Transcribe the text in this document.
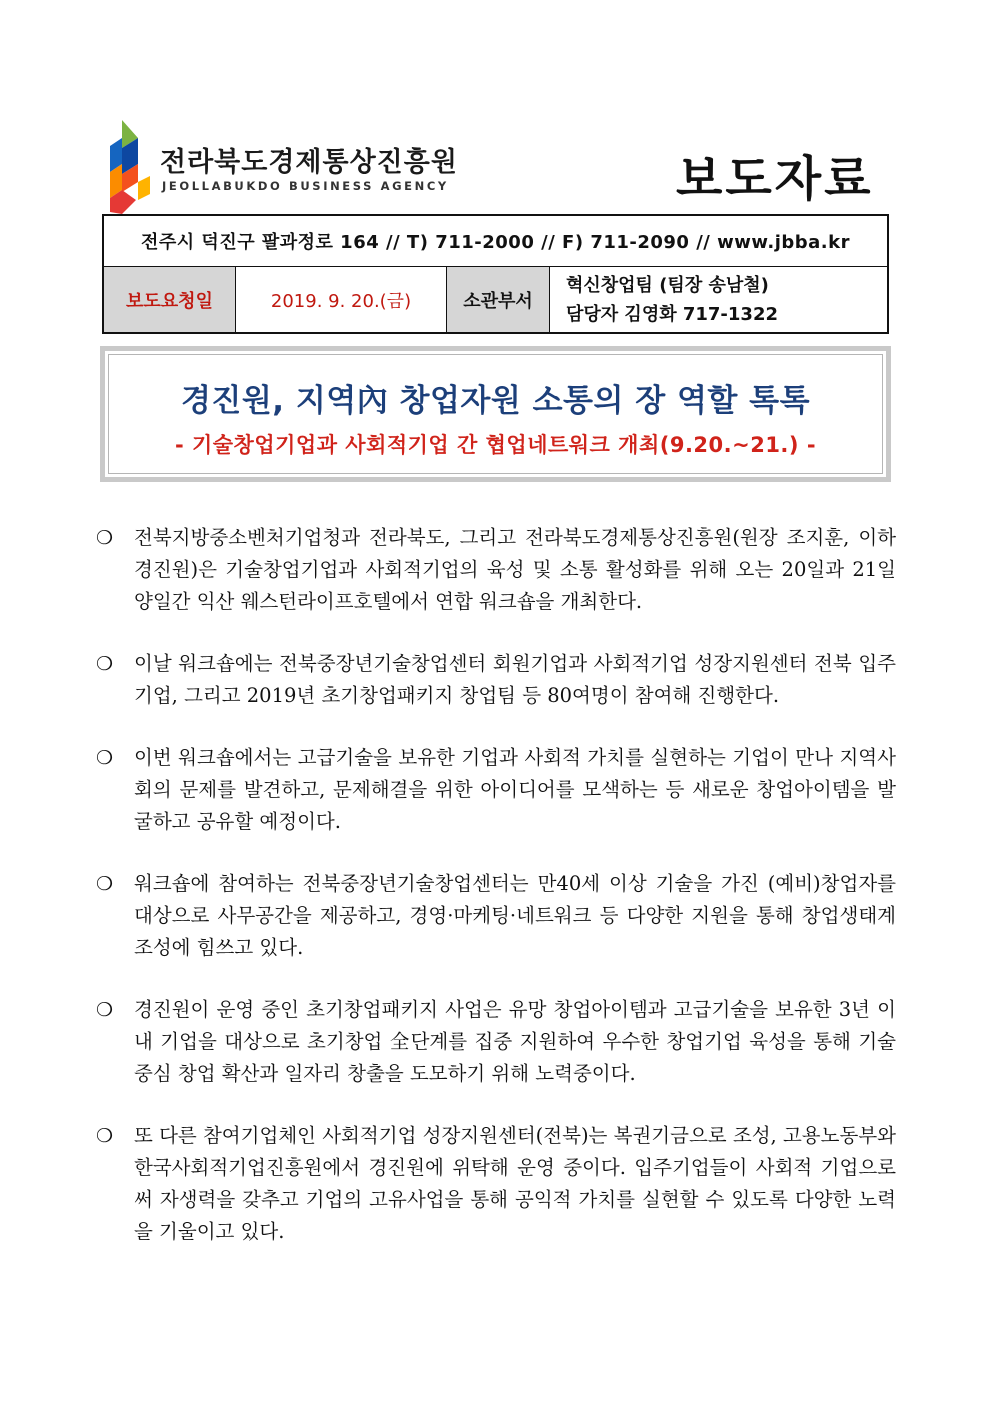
전라북도경제통상진흥원
JEOLLABUKDO BUSINESS AGENCY	보도자료
전주시 덕진구 팔과정로 164 // T) 711-2000 // F) 711-2090 // www.jbba.kr
보도요청일	2019. 9. 20.(금)	소관부서	
혁신창업팀 (팀장 송남철)
담당자 김영화 717-1322
경진원, 지역內 창업자원 소통의 장 역할 톡톡
- 기술창업기업과 사회적기업 간 협업네트워크 개최(9.20.~21.) -
❍	전북지방중소벤처기업청과 전라북도, 그리고 전라북도경제통상진흥원(원장 조지훈, 이하 경진원)은 기술창업기업과 사회적기업의 육성 및 소통 활성화를 위해 오는 20일과 21일 양일간 익산 웨스턴라이프호텔에서 연합 워크숍을 개최한다.
❍	이날 워크숍에는 전북중장년기술창업센터 회원기업과 사회적기업 성장지원센터 전북 입주기업, 그리고 2019년 초기창업패키지 창업팀 등 80여명이 참여해 진행한다.
❍	이번 워크숍에서는 고급기술을 보유한 기업과 사회적 가치를 실현하는 기업이 만나 지역사회의 문제를 발견하고, 문제해결을 위한 아이디어를 모색하는 등 새로운 창업아이템을 발굴하고 공유할 예정이다.
❍	워크숍에 참여하는 전북중장년기술창업센터는 만40세 이상 기술을 가진 (예비)창업자를 대상으로 사무공간을 제공하고, 경영·마케팅·네트워크 등 다양한 지원을 통해 창업생태계 조성에 힘쓰고 있다.
❍	경진원이 운영 중인 초기창업패키지 사업은 유망 창업아이템과 고급기술을 보유한 3년 이내 기업을 대상으로 초기창업 全단계를 집중 지원하여 우수한 창업기업 육성을 통해 기술 중심 창업 확산과 일자리 창출을 도모하기 위해 노력중이다.
❍	또 다른 참여기업체인 사회적기업 성장지원센터(전북)는 복권기금으로 조성, 고용노동부와 한국사회적기업진흥원에서 경진원에 위탁해 운영 중이다. 입주기업들이 사회적 기업으로써 자생력을 갖추고 기업의 고유사업을 통해 공익적 가치를 실현할 수 있도록 다양한 노력을 기울이고 있다.
